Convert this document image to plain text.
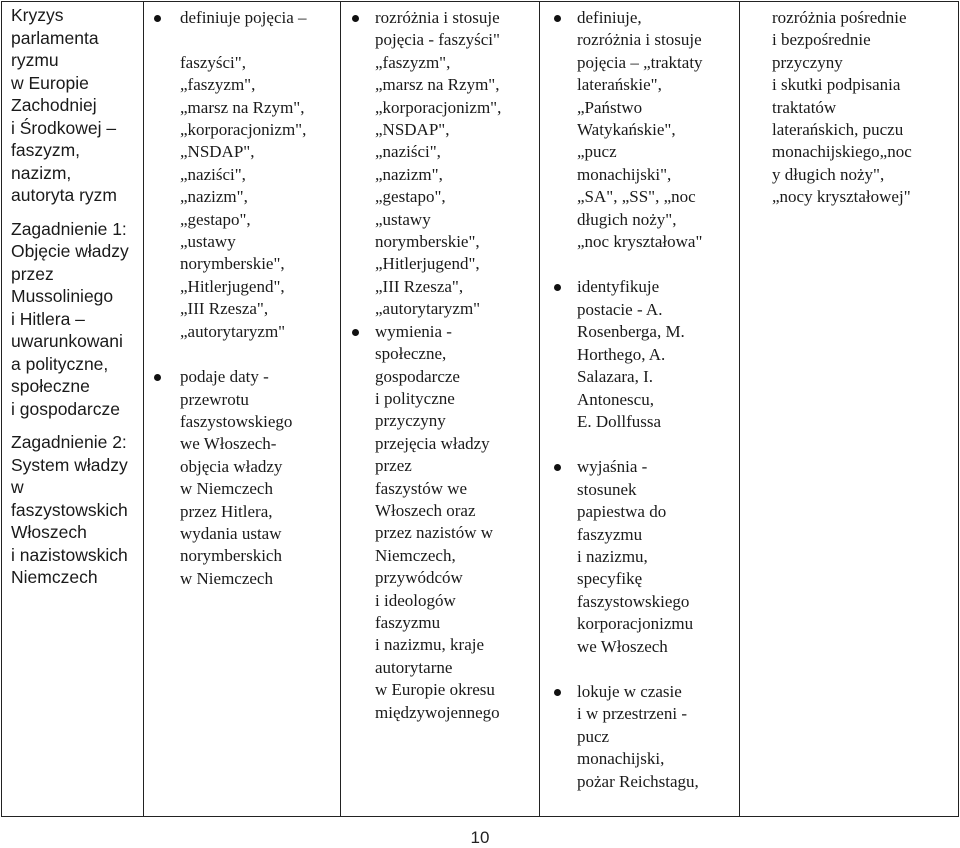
Kryzys
parlamenta
ryzmu
w Europie
Zachodniej
i Środkowej –
faszyzm,
nazizm,
autoryta ryzm
Zagadnienie 1:
Objęcie władzy
przez
Mussoliniego
i Hitlera –
uwarunkowani
a polityczne,
społeczne
i gospodarcze
Zagadnienie 2:
System władzy
w
faszystowskich
Włoszech
i nazistowskich
Niemczech

definiuje pojęcia –

faszyści",
„faszyzm",
„marsz na Rzym",
„korporacjonizm",
„NSDAP",
„naziści",
„nazizm",
„gestapo",
„ustawy
norymberskie",
„Hitlerjugend",
„III Rzesza",
„autorytaryzm"
podaje daty -
przewrotu
faszystowskiego
we Włoszech-
objęcia władzy
w Niemczech
przez Hitlera,
wydania ustaw
norymberskich
w Niemczech

rozróżnia i stosuje
pojęcia - faszyści"
„faszyzm",
„marsz na Rzym",
„korporacjonizm",
„NSDAP",
„naziści",
„nazizm",
„gestapo",
„ustawy
norymberskie",
„Hitlerjugend",
„III Rzesza",
„autorytaryzm"
wymienia -
społeczne,
gospodarcze
i polityczne
przyczyny
przejęcia władzy
przez
faszystów we
Włoszech oraz
przez nazistów w
Niemczech,
przywódców
i ideologów
faszyzmu
i nazizmu, kraje
autorytarne
w Europie okresu
międzywojennego

definiuje,
rozróżnia i stosuje
pojęcia – „traktaty
laterańskie",
„Państwo
Watykańskie",
„pucz
monachijski",
„SA", „SS", „noc
długich noży",
„noc kryształowa"
identyfikuje
postacie - A.
Rosenberga, M.
Horthego, A.
Salazara, I.
Antonescu,
E. Dollfussa
wyjaśnia -
stosunek
papiestwa do
faszyzmu
i nazizmu,
specyfikę
faszystowskiego
korporacjonizmu
we Włoszech
lokuje w czasie
i w przestrzeni -
pucz
monachijski,
pożar Reichstagu,

rozróżnia pośrednie
i bezpośrednie
przyczyny
i skutki podpisania
traktatów
laterańskich, puczu
monachijskiego„noc
y długich noży",
„nocy kryształowej"
10
